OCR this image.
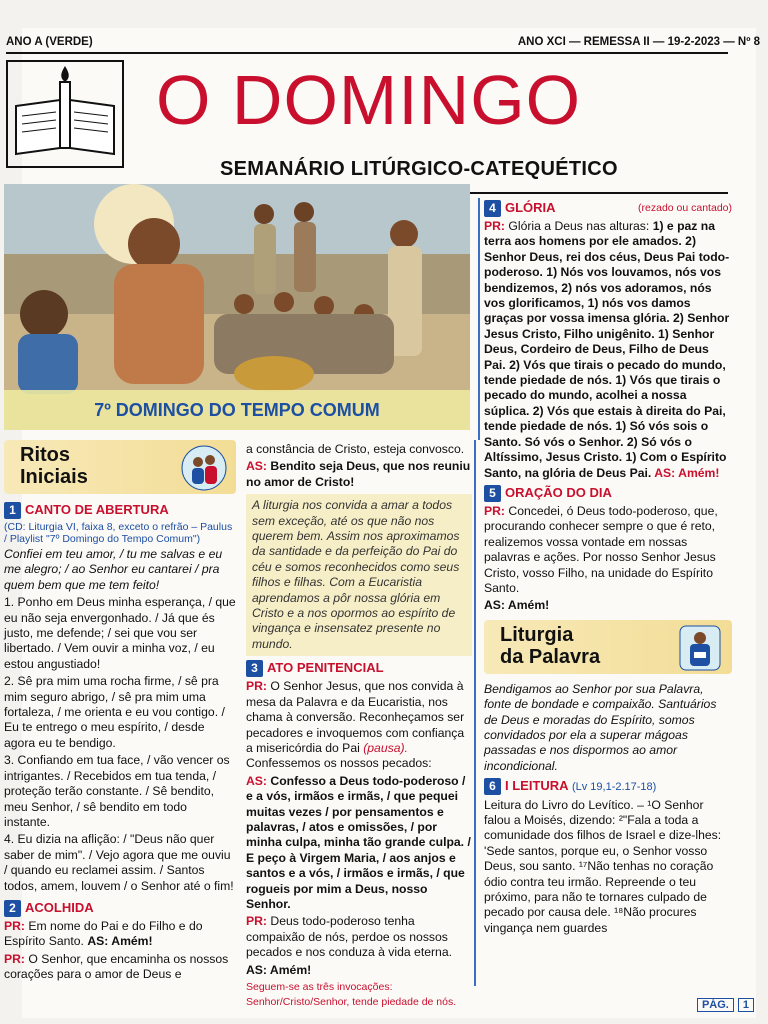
ANO A (VERDE)	ANO XCI — REMESSA II — 19-2-2023 — Nº 8
O DOMINGO
SEMANÁRIO LITÚRGICO-CATEQUÉTICO
7º DOMINGO DO TEMPO COMUM
Ritos
Iniciais

1 CANTO DE ABERTURA

(CD: Liturgia VI, faixa 8, exceto o refrão – Paulus / Playlist "7º Domingo do Tempo Comum")

Confiei em teu amor, / tu me salvas e eu me alegro; / ao Senhor eu cantarei / pra quem bem que me tem feito!

1. Ponho em Deus minha esperança, / que eu não seja envergonhado. / Já que és justo, me defende; / sei que vou ser libertado. / Vem ouvir a minha voz, / eu estou angustiado!

2. Sê pra mim uma rocha firme, / sê pra mim seguro abrigo, / sê pra mim uma fortaleza, / me orienta e eu vou contigo. / Eu te entrego o meu espírito, / desde agora eu te bendigo.

3. Confiando em tua face, / vão vencer os intrigantes. / Recebidos em tua tenda, / proteção terão constante. / Sê bendito, meu Senhor, / sê bendito em todo instante.

4. Eu dizia na aflição: / "Deus não quer saber de mim". / Vejo agora que me ouviu / quando eu reclamei assim. / Santos todos, amem, louvem / o Senhor até o fim!

2 ACOLHIDA

PR: Em nome do Pai e do Filho e do Espírito Santo. AS: Amém!

PR: O Senhor, que encaminha os nossos corações para o amor de Deus e

a constância de Cristo, esteja convosco.

AS: Bendito seja Deus, que nos reuniu no amor de Cristo!

A liturgia nos convida a amar a todos sem exceção, até os que não nos querem bem. Assim nos aproximamos da santidade e da perfeição do Pai do céu e somos reconhecidos como seus filhos e filhas. Com a Eucaristia aprendamos a pôr nossa glória em Cristo e a nos opormos ao espírito de vingança e insensatez presente no mundo.

3 ATO PENITENCIAL

PR: O Senhor Jesus, que nos convida à mesa da Palavra e da Eucaristia, nos chama à conversão. Reconheçamos ser pecadores e invoquemos com confiança a misericórdia do Pai (pausa). Confessemos os nossos pecados:

AS: Confesso a Deus todo-poderoso / e a vós, irmãos e irmãs, / que pequei muitas vezes / por pensamentos e palavras, / atos e omissões, / por minha culpa, minha tão grande culpa. / E peço à Virgem Maria, / aos anjos e santos e a vós, / irmãos e irmãs, / que rogueis por mim a Deus, nosso Senhor.

PR: Deus todo-poderoso tenha compaixão de nós, perdoe os nossos pecados e nos conduza à vida eterna.

AS: Amém!

Seguem-se as três invocações: Senhor/Cristo/Senhor, tende piedade de nós.

4 GLÓRIA	(rezado ou cantado)

PR: Glória a Deus nas alturas: 1) e paz na terra aos homens por ele amados. 2) Senhor Deus, rei dos céus, Deus Pai todo-poderoso. 1) Nós vos louvamos, nós vos bendizemos, 2) nós vos adoramos, nós vos glorificamos, 1) nós vos damos graças por vossa imensa glória. 2) Senhor Jesus Cristo, Filho unigênito. 1) Senhor Deus, Cordeiro de Deus, Filho de Deus Pai. 2) Vós que tirais o pecado do mundo, tende piedade de nós. 1) Vós que tirais o pecado do mundo, acolhei a nossa súplica. 2) Vós que estais à direita do Pai, tende piedade de nós. 1) Só vós sois o Santo. Só vós o Senhor. 2) Só vós o Altíssimo, Jesus Cristo. 1) Com o Espírito Santo, na glória de Deus Pai. AS: Amém!

5 ORAÇÃO DO DIA

PR: Concedei, ó Deus todo-poderoso, que, procurando conhecer sempre o que é reto, realizemos vossa vontade em nossas palavras e ações. Por nosso Senhor Jesus Cristo, vosso Filho, na unidade do Espírito Santo.

AS: Amém!

Liturgia
da Palavra

Bendigamos ao Senhor por sua Palavra, fonte de bondade e compaixão. Santuários de Deus e moradas do Espírito, somos convidados por ela a superar mágoas passadas e nos dispormos ao amor incondicional.

6 I LEITURA (Lv 19,1-2.17-18)

Leitura do Livro do Levítico. – ¹O Senhor falou a Moisés, dizendo: ²"Fala a toda a comunidade dos filhos de Israel e dize-lhes: 'Sede santos, porque eu, o Senhor vosso Deus, sou santo. ¹⁷Não tenhas no coração ódio contra teu irmão. Repreende o teu próximo, para não te tornares culpado de pecado por causa dele. ¹⁸Não procures vingança nem guardes

PÁG.	1
